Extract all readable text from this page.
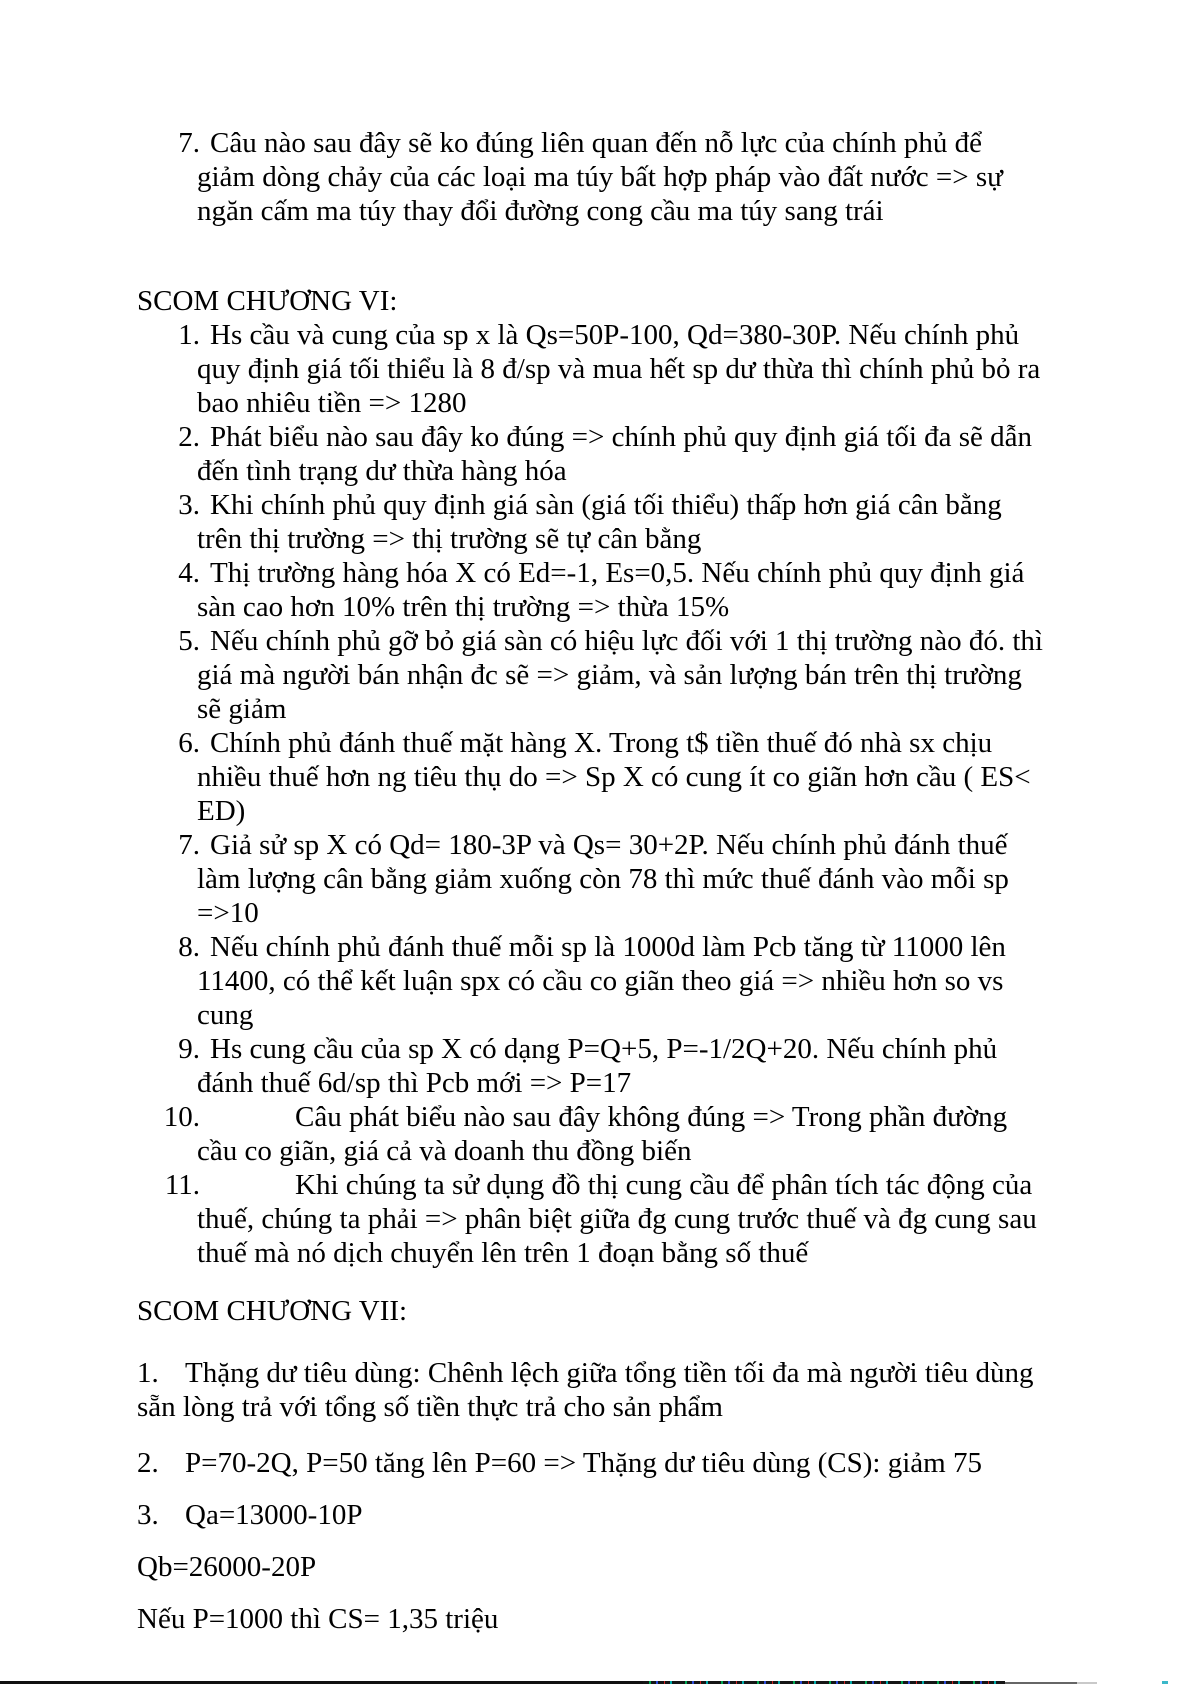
7. Câu nào sau đây sẽ ko đúng liên quan đến nỗ lực của chính phủ để giảm dòng chảy của các loại ma túy bất hợp pháp vào đất nước => sự ngăn cấm ma túy thay đổi đường cong cầu ma túy sang trái
SCOM CHƯƠNG VI:
1. Hs cầu và cung của sp x là Qs=50P-100, Qd=380-30P. Nếu chính phủ quy định giá tối thiểu là 8 đ/sp và mua hết sp dư thừa thì chính phủ bỏ ra bao nhiêu tiền => 1280
2. Phát biểu nào sau đây ko đúng => chính phủ quy định giá tối đa sẽ dẫn đến tình trạng dư thừa hàng hóa
3. Khi chính phủ quy định giá sàn (giá tối thiểu) thấp hơn giá cân bằng trên thị trường => thị trường sẽ tự cân bằng
4. Thị trường hàng hóa X có Ed=-1, Es=0,5. Nếu chính phủ quy định giá sàn cao hơn 10% trên thị trường => thừa 15%
5. Nếu chính phủ gỡ bỏ giá sàn có hiệu lực đối với 1 thị trường nào đó. thì giá mà người bán nhận đc sẽ => giảm, và sản lượng bán trên thị trường sẽ giảm
6. Chính phủ đánh thuế mặt hàng X. Trong t$ tiền thuế đó nhà sx chịu nhiều thuế hơn ng tiêu thụ do => Sp X có cung ít co giãn hơn cầu ( ES< ED)
7. Giả sử sp X có Qd= 180-3P và Qs= 30+2P. Nếu chính phủ đánh thuế làm lượng cân bằng giảm xuống còn 78 thì mức thuế đánh vào mỗi sp =>10
8. Nếu chính phủ đánh thuế mỗi sp là 1000d làm Pcb tăng từ 11000 lên 11400, có thể kết luận spx có cầu co giãn theo giá => nhiều hơn so vs cung
9. Hs cung cầu của sp X có dạng P=Q+5, P=-1/2Q+20. Nếu chính phủ đánh thuế 6d/sp thì Pcb mới => P=17
10.	Câu phát biểu nào sau đây không đúng => Trong phần đường cầu co giãn, giá cả và doanh thu đồng biến
11.	Khi chúng ta sử dụng đồ thị cung cầu để phân tích tác động của thuế, chúng ta phải => phân biệt giữa đg cung trước thuế và đg cung sau thuế mà nó dịch chuyển lên trên 1 đoạn bằng số thuế
SCOM CHƯƠNG VII:
1. Thặng dư tiêu dùng: Chênh lệch giữa tổng tiền tối đa mà người tiêu dùng sẵn lòng trả với tổng số tiền thực trả cho sản phẩm
2. P=70-2Q, P=50 tăng lên P=60 => Thặng dư tiêu dùng (CS): giảm 75
3. Qa=13000-10P
Qb=26000-20P
Nếu P=1000 thì CS= 1,35 triệu
